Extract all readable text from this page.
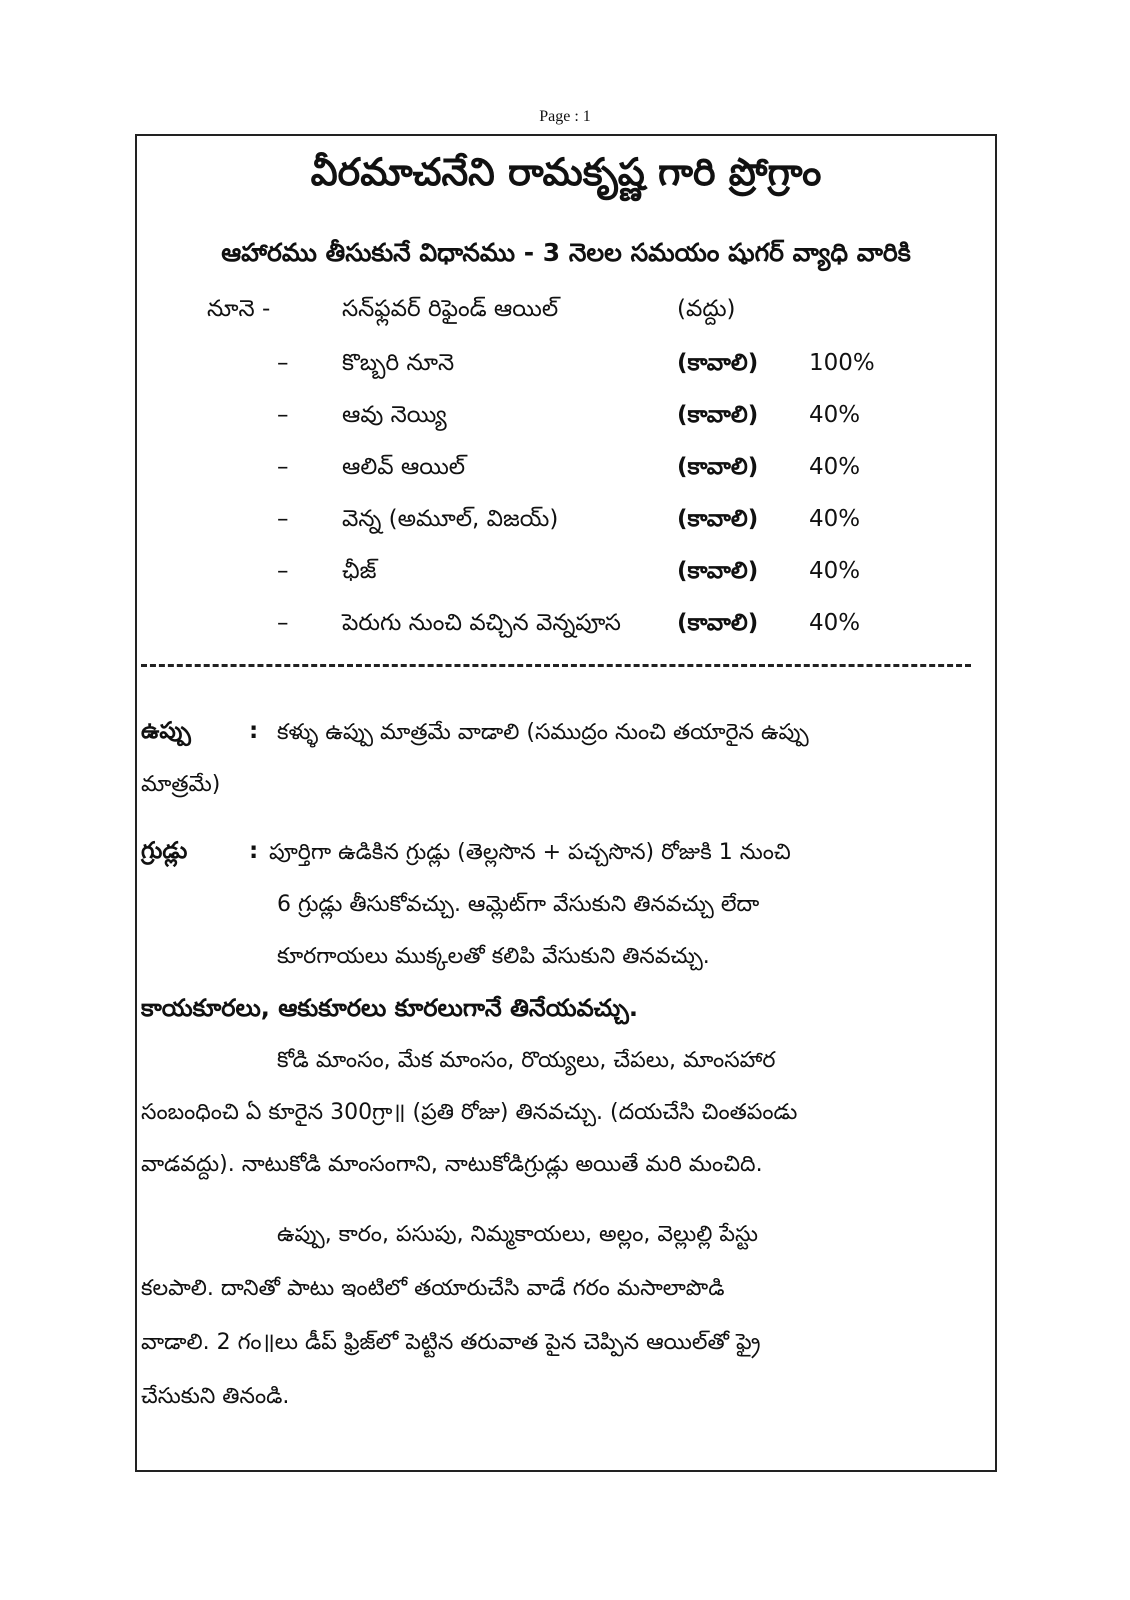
Page : 1
వీరమాచనేని రామకృష్ణ గారి ప్రోగ్రాం
ఆహారము తీసుకునే విధానము - 3 నెలల సమయం షుగర్ వ్యాధి వారికి
నూనె -	సన్‌ఫ్లవర్ రిఫైండ్ ఆయిల్	(వద్దు)
– కొబ్బరి నూనె	(కావాలి) 100%
– ఆవు నెయ్యి	(కావాలి) 40%
– ఆలివ్ ఆయిల్	(కావాలి) 40%
– వెన్న (అమూల్, విజయ్)	(కావాలి) 40%
– ఛీజ్	(కావాలి) 40%
– పెరుగు నుంచి వచ్చిన వెన్నపూస (కావాలి) 40%
ఉప్పు	: కళ్ళు ఉప్పు మాత్రమే వాడాలి (సముద్రం నుంచి తయారైన ఉప్పు
మాత్రమే)
గ్రుడ్లు	: పూర్తిగా ఉడికిన గ్రుడ్లు (తెల్లసొన + పచ్చసొన) రోజుకి 1 నుంచి
6 గ్రుడ్లు తీసుకోవచ్చు. ఆమ్లెట్‌గా వేసుకుని తినవచ్చు లేదా
కూరగాయలు ముక్కలతో కలిపి వేసుకుని తినవచ్చు.
కాయకూరలు, ఆకుకూరలు కూరలుగానే తినేయవచ్చు.
కోడి మాంసం, మేక మాంసం, రొయ్యలు, చేపలు, మాంసహార
సంబంధించి ఏ కూరైన 300గ్రా॥ (ప్రతి రోజు) తినవచ్చు. (దయచేసి చింతపండు
వాడవద్దు). నాటుకోడి మాంసంగాని, నాటుకోడిగ్రుడ్లు అయితే మరి మంచిది.
ఉప్పు, కారం, పసుపు, నిమ్మకాయలు, అల్లం, వెల్లుల్లి పేస్టు
కలపాలి. దానితో పాటు ఇంటిలో తయారుచేసి వాడే గరం మసాలాపొడి
వాడాలి. 2 గం॥లు డీప్ ఫ్రిజ్‌లో పెట్టిన తరువాత పైన చెప్పిన ఆయిల్‌తో ఫ్రై
చేసుకుని తినండి.
